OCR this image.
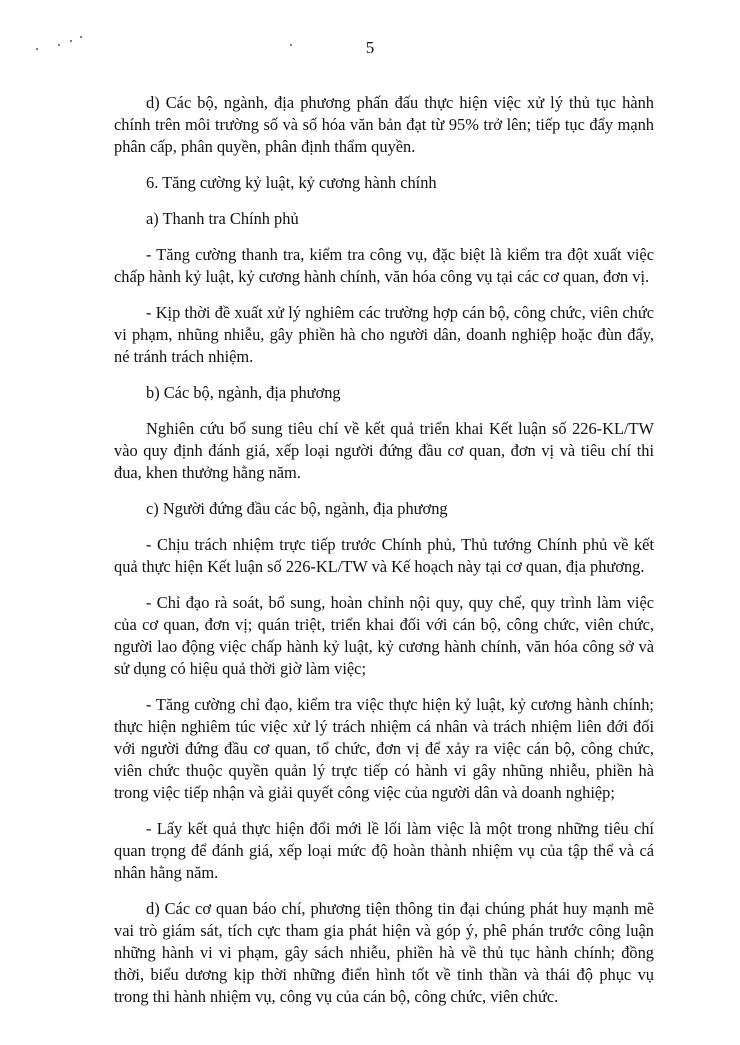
5

d) Các bộ, ngành, địa phương phấn đấu thực hiện việc xử lý thủ tục hành chính trên môi trường số và số hóa văn bản đạt từ 95% trở lên; tiếp tục đẩy mạnh phân cấp, phân quyền, phân định thẩm quyền.

6. Tăng cường kỷ luật, kỷ cương hành chính

a) Thanh tra Chính phủ

- Tăng cường thanh tra, kiểm tra công vụ, đặc biệt là kiểm tra đột xuất việc chấp hành kỷ luật, kỷ cương hành chính, văn hóa công vụ tại các cơ quan, đơn vị.

- Kịp thời đề xuất xử lý nghiêm các trường hợp cán bộ, công chức, viên chức vi phạm, nhũng nhiễu, gây phiền hà cho người dân, doanh nghiệp hoặc đùn đẩy, né tránh trách nhiệm.

b) Các bộ, ngành, địa phương

Nghiên cứu bổ sung tiêu chí về kết quả triển khai Kết luận số 226-KL/TW vào quy định đánh giá, xếp loại người đứng đầu cơ quan, đơn vị và tiêu chí thi đua, khen thưởng hằng năm.

c) Người đứng đầu các bộ, ngành, địa phương

- Chịu trách nhiệm trực tiếp trước Chính phủ, Thủ tướng Chính phủ về kết quả thực hiện Kết luận số 226-KL/TW và Kế hoạch này tại cơ quan, địa phương.

- Chỉ đạo rà soát, bổ sung, hoàn chỉnh nội quy, quy chế, quy trình làm việc của cơ quan, đơn vị; quán triệt, triển khai đối với cán bộ, công chức, viên chức, người lao động việc chấp hành kỷ luật, kỷ cương hành chính, văn hóa công sở và sử dụng có hiệu quả thời giờ làm việc;

- Tăng cường chỉ đạo, kiểm tra việc thực hiện kỷ luật, kỷ cương hành chính; thực hiện nghiêm túc việc xử lý trách nhiệm cá nhân và trách nhiệm liên đới đối với người đứng đầu cơ quan, tổ chức, đơn vị để xảy ra việc cán bộ, công chức, viên chức thuộc quyền quản lý trực tiếp có hành vi gây nhũng nhiễu, phiền hà trong việc tiếp nhận và giải quyết công việc của người dân và doanh nghiệp;

- Lấy kết quả thực hiện đổi mới lề lối làm việc là một trong những tiêu chí quan trọng để đánh giá, xếp loại mức độ hoàn thành nhiệm vụ của tập thể và cá nhân hằng năm.

d) Các cơ quan báo chí, phương tiện thông tin đại chúng phát huy mạnh mẽ vai trò giám sát, tích cực tham gia phát hiện và góp ý, phê phán trước công luận những hành vi vi phạm, gây sách nhiễu, phiền hà về thủ tục hành chính; đồng thời, biểu dương kịp thời những điển hình tốt về tinh thần và thái độ phục vụ trong thi hành nhiệm vụ, công vụ của cán bộ, công chức, viên chức.
